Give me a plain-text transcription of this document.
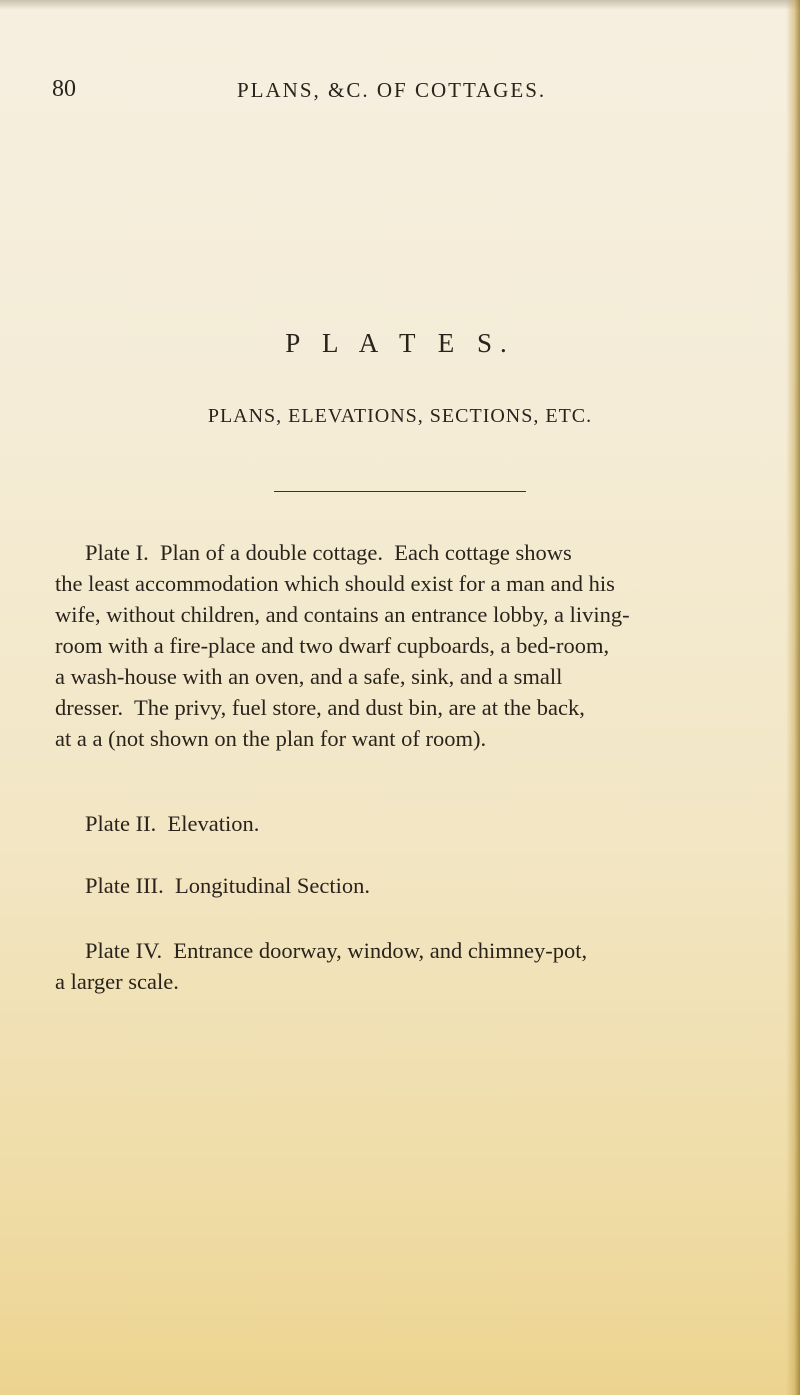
80	PLANS, &C. OF COTTAGES.
P L A T E S.
PLANS, ELEVATIONS, SECTIONS, ETC.

Plate I.  Plan of a double cottage.  Each cottage shows
the least accommodation which should exist for a man and his
wife, without children, and contains an entrance lobby, a living-
room with a fire-place and two dwarf cupboards, a bed-room,
a wash-house with an oven, and a safe, sink, and a small
dresser.  The privy, fuel store, and dust bin, are at the back,
at a a (not shown on the plan for want of room).

Plate II.  Elevation.

Plate III.  Longitudinal Section.

Plate IV.  Entrance doorway, window, and chimney-pot,
a larger scale.
